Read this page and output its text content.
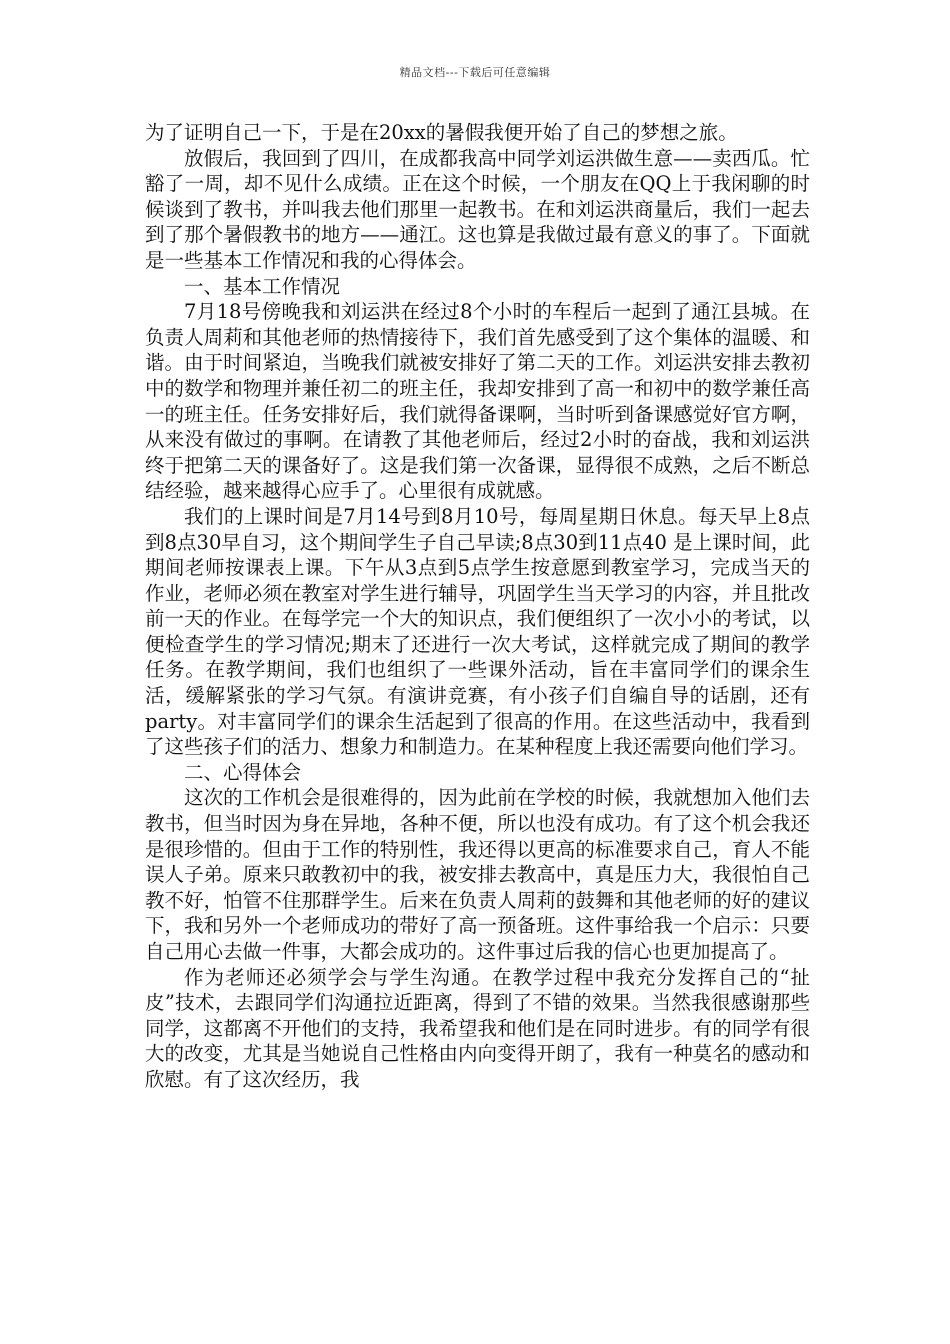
精品文档---下载后可任意编辑

为了证明自己一下，于是在20xx的暑假我便开始了自己的梦想之旅。

放假后，我回到了四川，在成都我高中同学刘运洪做生意——卖西瓜。忙豁了一周，却不见什么成绩。正在这个时候，一个朋友在QQ上于我闲聊的时候谈到了教书，并叫我去他们那里一起教书。在和刘运洪商量后，我们一起去到了那个暑假教书的地方——通江。这也算是我做过最有意义的事了。下面就是一些基本工作情况和我的心得体会。

一、基本工作情况

7月18号傍晚我和刘运洪在经过8个小时的车程后一起到了通江县城。在负责人周莉和其他老师的热情接待下，我们首先感受到了这个集体的温暖、和谐。由于时间紧迫，当晚我们就被安排好了第二天的工作。刘运洪安排去教初中的数学和物理并兼任初二的班主任，我却安排到了高一和初中的数学兼任高一的班主任。任务安排好后，我们就得备课啊，当时听到备课感觉好官方啊，从来没有做过的事啊。在请教了其他老师后，经过2小时的奋战，我和刘运洪终于把第二天的课备好了。这是我们第一次备课，显得很不成熟，之后不断总结经验，越来越得心应手了。心里很有成就感。

我们的上课时间是7月14号到8月10号，每周星期日休息。每天早上8点到8点30早自习，这个期间学生子自己早读;8点30到11点40 是上课时间，此期间老师按课表上课。下午从3点到5点学生按意愿到教室学习，完成当天的作业，老师必须在教室对学生进行辅导，巩固学生当天学习的内容，并且批改前一天的作业。在每学完一个大的知识点，我们便组织了一次小小的考试，以便检查学生的学习情况;期末了还进行一次大考试，这样就完成了期间的教学任务。在教学期间，我们也组织了一些课外活动，旨在丰富同学们的课余生活，缓解紧张的学习气氛。有演讲竞赛，有小孩子们自编自导的话剧，还有party。对丰富同学们的课余生活起到了很高的作用。在这些活动中，我看到了这些孩子们的活力、想象力和制造力。在某种程度上我还需要向他们学习。

二、心得体会

这次的工作机会是很难得的，因为此前在学校的时候，我就想加入他们去教书，但当时因为身在异地，各种不便，所以也没有成功。有了这个机会我还是很珍惜的。但由于工作的特别性，我还得以更高的标准要求自己，育人不能误人子弟。原来只敢教初中的我，被安排去教高中，真是压力大，我很怕自己教不好，怕管不住那群学生。后来在负责人周莉的鼓舞和其他老师的好的建议下，我和另外一个老师成功的带好了高一预备班。这件事给我一个启示：只要自己用心去做一件事，大都会成功的。这件事过后我的信心也更加提高了。

作为老师还必须学会与学生沟通。在教学过程中我充分发挥自己的“扯皮”技术，去跟同学们沟通拉近距离，得到了不错的效果。当然我很感谢那些同学，这都离不开他们的支持，我希望我和他们是在同时进步。有的同学有很大的改变，尤其是当她说自己性格由内向变得开朗了，我有一种莫名的感动和欣慰。有了这次经历，我
